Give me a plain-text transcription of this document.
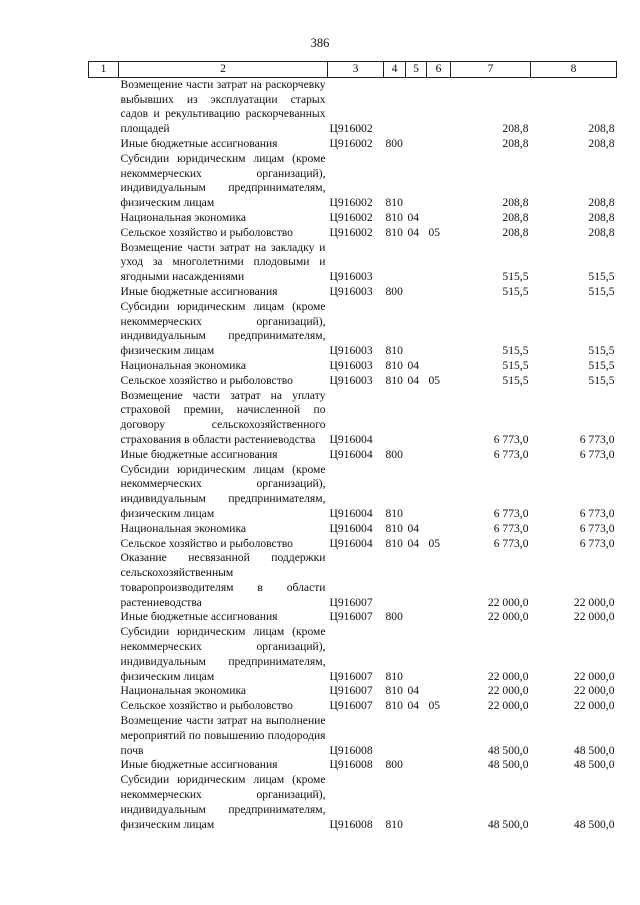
386
1	2	3	4	5	6	7	8
	Возмещение части затрат на раскорчевку выбывших из эксплуатации старых садов и рекультивацию раскорчеванных площадей	Ц916002				208,8	208,8
	Иные бюджетные ассигнования	Ц916002	800			208,8	208,8
	Субсидии юридическим лицам (кроме некоммерческих организаций), индивидуальным предпринимателям, физическим лицам	Ц916002	810			208,8	208,8
	Национальная экономика	Ц916002	810	04		208,8	208,8
	Сельское хозяйство и рыболовство	Ц916002	810	04	05	208,8	208,8
	Возмещение части затрат на закладку и уход за многолетними плодовыми и ягодными насаждениями	Ц916003				515,5	515,5
	Иные бюджетные ассигнования	Ц916003	800			515,5	515,5
	Субсидии юридическим лицам (кроме некоммерческих организаций), индивидуальным предпринимателям, физическим лицам	Ц916003	810			515,5	515,5
	Национальная экономика	Ц916003	810	04		515,5	515,5
	Сельское хозяйство и рыболовство	Ц916003	810	04	05	515,5	515,5
	Возмещение части затрат на уплату страховой премии, начисленной по договору сельскохозяйственного страхования в области растениеводства	Ц916004				6 773,0	6 773,0
	Иные бюджетные ассигнования	Ц916004	800			6 773,0	6 773,0
	Субсидии юридическим лицам (кроме некоммерческих организаций), индивидуальным предпринимателям, физическим лицам	Ц916004	810			6 773,0	6 773,0
	Национальная экономика	Ц916004	810	04		6 773,0	6 773,0
	Сельское хозяйство и рыболовство	Ц916004	810	04	05	6 773,0	6 773,0
	Оказание несвязанной поддержки сельскохозяйственным товаропроизводителям в области растениеводства	Ц916007				22 000,0	22 000,0
	Иные бюджетные ассигнования	Ц916007	800			22 000,0	22 000,0
	Субсидии юридическим лицам (кроме некоммерческих организаций), индивидуальным предпринимателям, физическим лицам	Ц916007	810			22 000,0	22 000,0
	Национальная экономика	Ц916007	810	04		22 000,0	22 000,0
	Сельское хозяйство и рыболовство	Ц916007	810	04	05	22 000,0	22 000,0
	Возмещение части затрат на выполнение мероприятий по повышению плодородия почв	Ц916008				48 500,0	48 500,0
	Иные бюджетные ассигнования	Ц916008	800			48 500,0	48 500,0
	Субсидии юридическим лицам (кроме некоммерческих организаций), индивидуальным предпринимателям, физическим лицам	Ц916008	810			48 500,0	48 500,0
